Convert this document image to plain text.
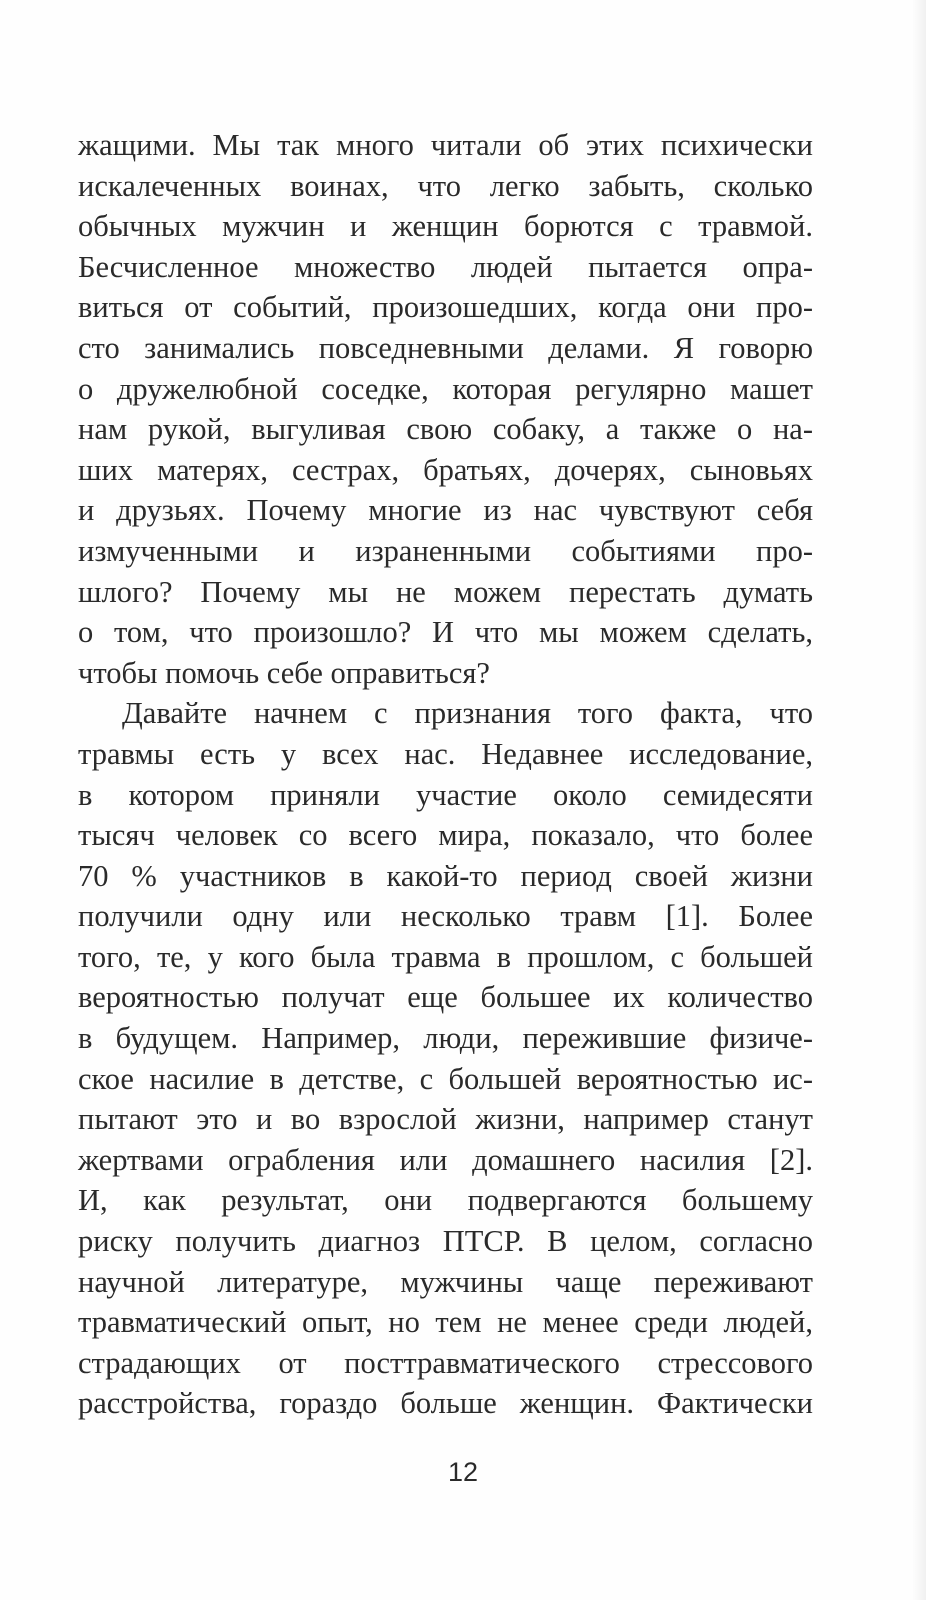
жащими. Мы так много читали об этих психически
искалеченных воинах, что легко забыть, сколько
обычных мужчин и женщин борются с травмой.
Бесчисленное множество людей пытается опра-
виться от событий, произошедших, когда они про-
сто занимались повседневными делами. Я говорю
о дружелюбной соседке, которая регулярно машет
нам рукой, выгуливая свою собаку, а также о на-
ших матерях, сестрах, братьях, дочерях, сыновьях
и друзьях. Почему многие из нас чувствуют себя
измученными и израненными событиями про-
шлого? Почему мы не можем перестать думать
о том, что произошло? И что мы можем сделать,
чтобы помочь себе оправиться?
Давайте начнем с признания того факта, что
травмы есть у всех нас. Недавнее исследование,
в котором приняли участие около семидесяти
тысяч человек со всего мира, показало, что более
70 % участников в какой-то период своей жизни
получили одну или несколько травм [1]. Более
того, те, у кого была травма в прошлом, с большей
вероятностью получат еще большее их количество
в будущем. Например, люди, пережившие физиче-
ское насилие в детстве, с большей вероятностью ис-
пытают это и во взрослой жизни, например станут
жертвами ограбления или домашнего насилия [2].
И, как результат, они подвергаются большему
риску получить диагноз ПТСР. В целом, согласно
научной литературе, мужчины чаще переживают
травматический опыт, но тем не менее среди людей,
страдающих от посттравматического стрессового
расстройства, гораздо больше женщин. Фактически
12
